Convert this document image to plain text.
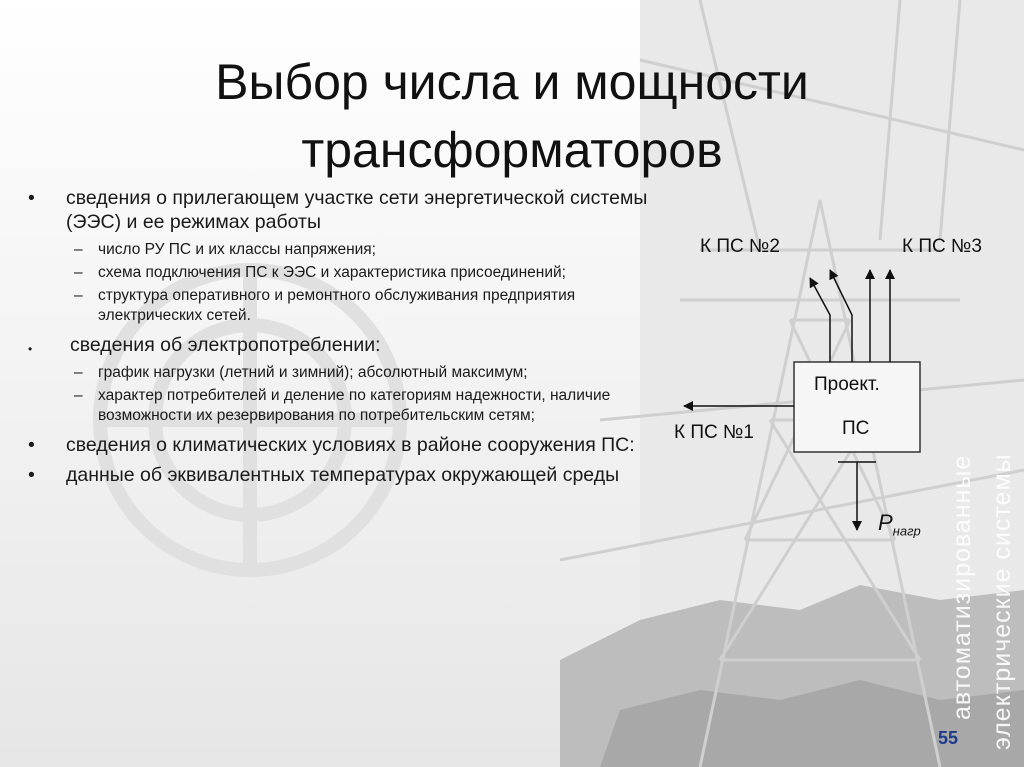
Выбор числа и мощности
трансформаторов
• сведения о прилегающем участке сети энергетической системы (ЭЭС) и ее режимах работы
– число РУ ПС и их классы напряжения;
– схема подключения ПС к ЭЭС и характеристика присоединений;
– структура оперативного и ремонтного обслуживания предприятия электрических сетей.
• сведения об электропотреблении:
– график нагрузки (летний и зимний); абсолютный максимум;
– характер потребителей и деление по категориям надежности, наличие возможности их резервирования по потребительским сетям;
• сведения о климатических условиях в районе сооружения ПС:
• данные об эквивалентных температурах окружающей среды
К ПС №2	К ПС №3
К ПС №1
Проект.
ПС
$P_{нагр}$ автоматизированные электрические системы
55
